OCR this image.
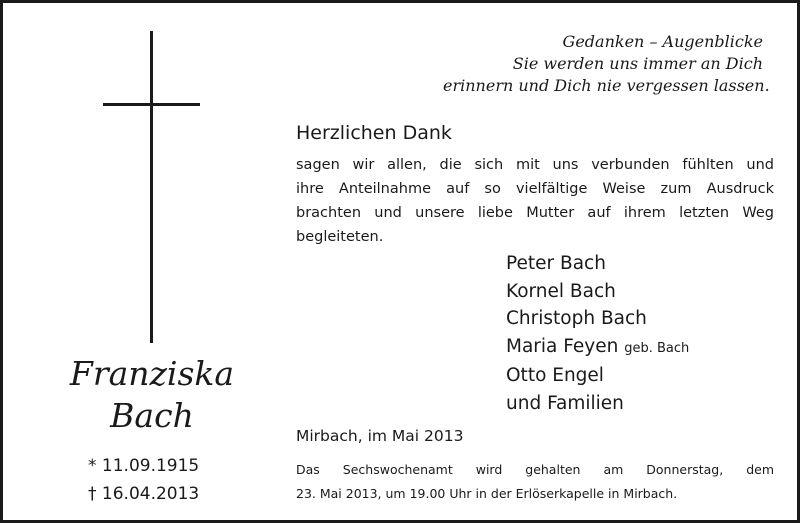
Gedanken – Augenblicke
Sie werden uns immer an Dich
erinnern und Dich nie vergessen lassen.
Herzlichen Dank
sagen wir allen, die sich mit uns verbunden fühlten und
ihre Anteilnahme auf so vielfältige Weise zum Ausdruck
brachten und unsere liebe Mutter auf ihrem letzten Weg
begleiteten.
Peter Bach
Kornel Bach
Christoph Bach
Maria Feyen geb. Bach
Otto Engel
und Familien
Franziska
Bach
* 11.09.1915
† 16.04.2013
Mirbach, im Mai 2013
Das Sechswochenamt wird gehalten am Donnerstag, dem
23. Mai 2013, um 19.00 Uhr in der Erlöserkapelle in Mirbach.
